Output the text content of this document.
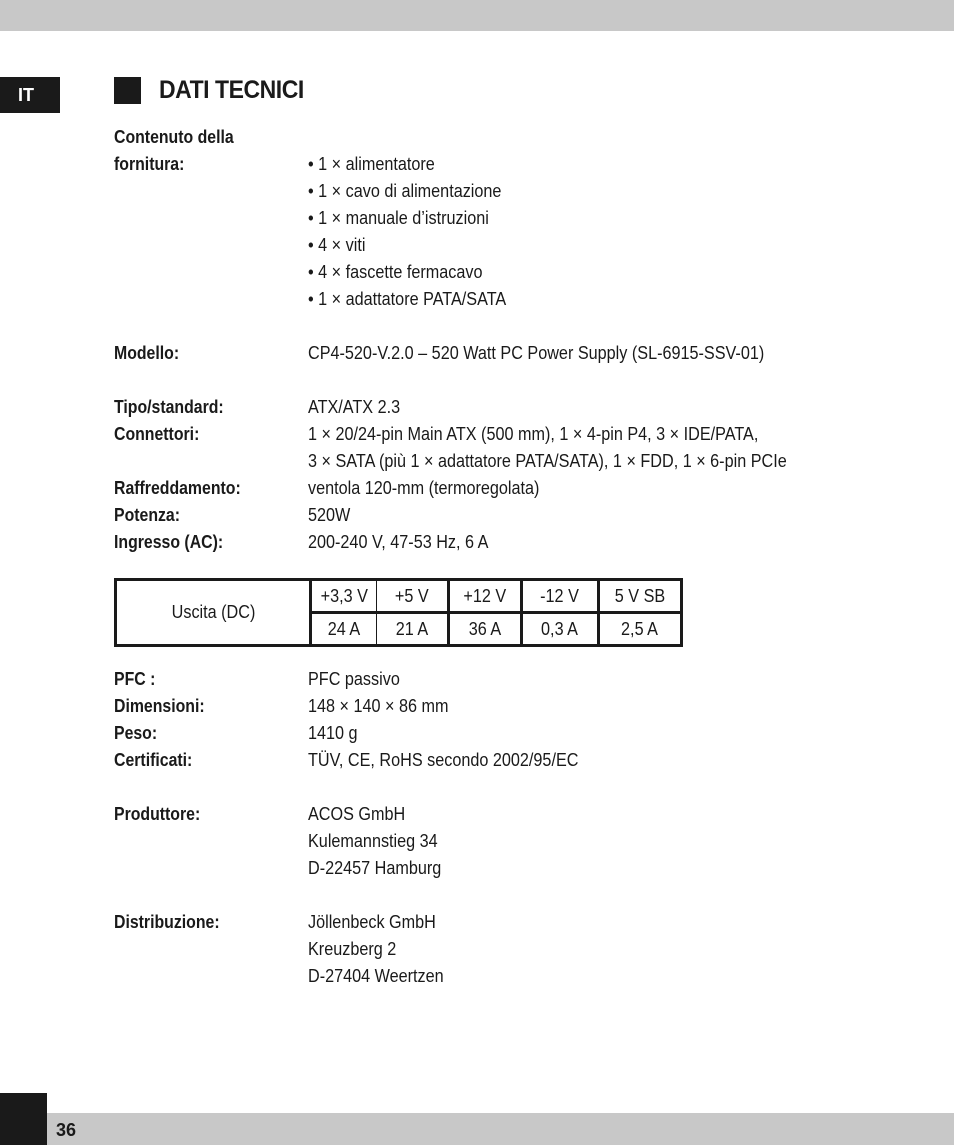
IT	DATI TECNICI
Contenuto della
fornitura:	• 1 × alimentatore
• 1 × cavo di alimentazione
• 1 × manuale d’istruzioni
• 4 × viti
• 4 × fascette fermacavo
• 1 × adattatore PATA/SATA
Modello:	CP4-520-V.2.0 – 520 Watt PC Power Supply (SL-6915-SSV-01)
Tipo/standard:	ATX/ATX 2.3
Connettori:	1 × 20/24-pin Main ATX (500 mm), 1 × 4-pin P4, 3 × IDE/PATA,
3 × SATA (più 1 × adattatore PATA/SATA), 1 × FDD, 1 × 6-pin PCIe
Raffreddamento:	ventola 120-mm (termoregolata)
Potenza:	520W
Ingresso (AC):	200-240 V, 47-53 Hz, 6 A
Uscita (DC)	+3,3 V	+5 V	+12 V	-12 V	5 V SB
	24 A	21 A	36 A	0,3 A	2,5 A
PFC :	PFC passivo
Dimensioni:	148 × 140 × 86 mm
Peso:	1410 g
Certificati:	TÜV, CE, RoHS secondo 2002/95/EC
Produttore:	ACOS GmbH
Kulemannstieg 34
D-22457 Hamburg
Distribuzione:	Jöllenbeck GmbH
Kreuzberg 2
D-27404 Weertzen
36
